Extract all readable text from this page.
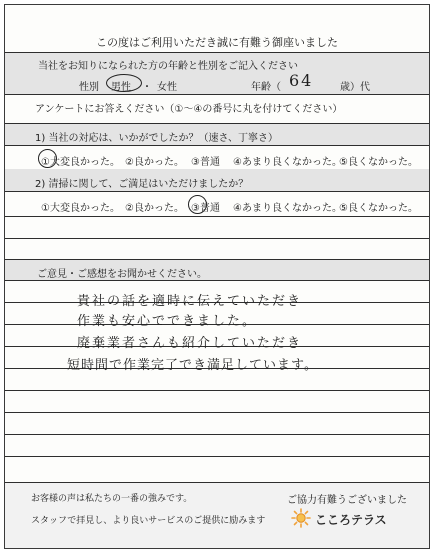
この度はご利用いただき誠に有難う御座いました
当社をお知りになられた方の年齢と性別をご記入ください
性別 男性 ・ 女性	年齢（ 64	歳）代
アンケートにお答えください（①～④の番号に丸を付けてください）
1) 当社の対応は、いかがでしたか？（速さ、丁寧さ）
①大変良かった。 ②良かった。 ③普通 ④あまり良くなかった。
⑤良くなかった。
2) 清掃に関して、ご満足はいただけましたか？
①大変良かった。 ②良かった。 ③普通 ④あまり良くなかった。
⑤良くなかった。
ご意見・ご感想をお聞かせください。
貴社の話を適時に伝えていただき
作業も安心でできました。
廃棄業者さんも紹介していただき
短時間で作業完了でき満足しています。
お客様の声は私たちの一番の強みです。	ご協力有難うございました
スタッフで拝見し、より良いサービスのご提供に励みます	こころテラス
